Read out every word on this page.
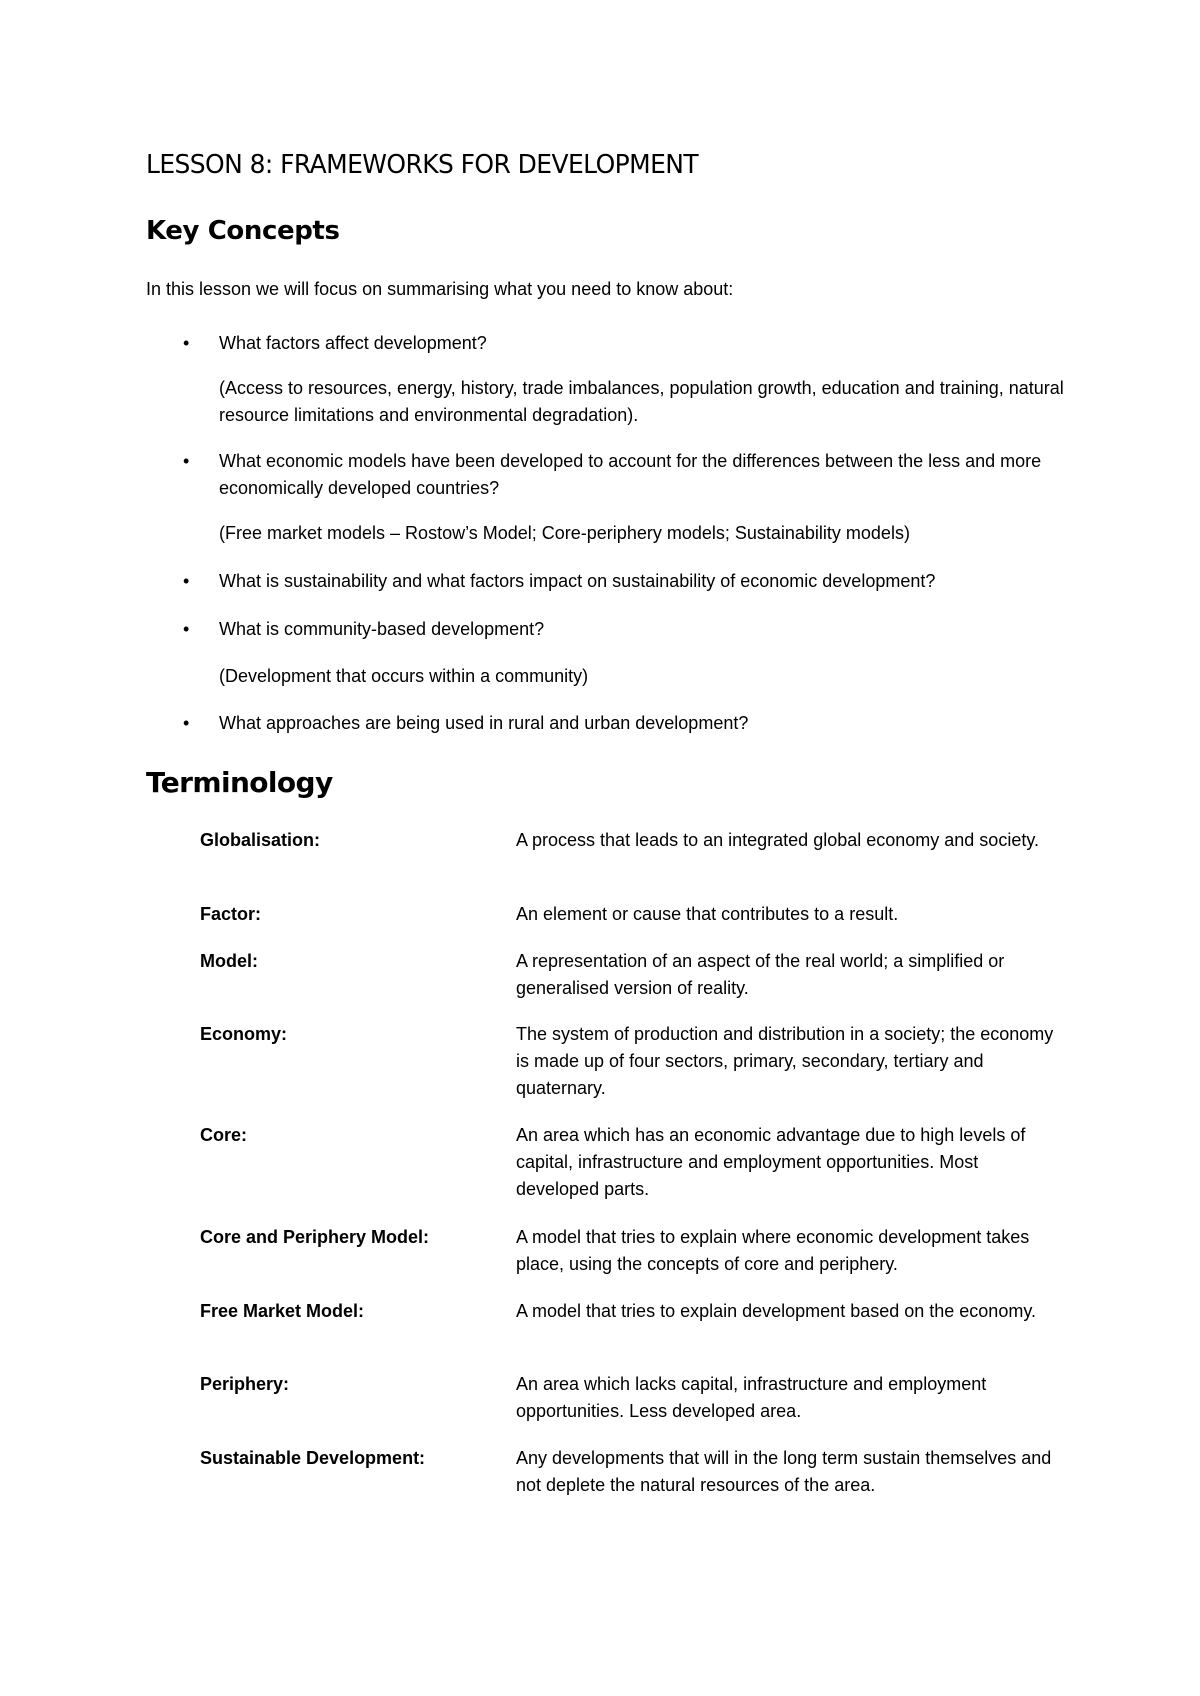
LESSON 8: FRAMEWORKS FOR DEVELOPMENT
Key Concepts

In this lesson we will focus on summarising what you need to know about:

• What factors affect development?

(Access to resources, energy, history, trade imbalances, population growth, education and training, natural resource limitations and environmental degradation).

• What economic models have been developed to account for the differences between the less and more economically developed countries?

(Free market models – Rostow’s Model; Core-periphery models; Sustainability models)

• What is sustainability and what factors impact on sustainability of economic development?

• What is community-based development?

(Development that occurs within a community)

• What approaches are being used in rural and urban development?

Terminology
Globalisation:	A process that leads to an integrated global economy and society.

Factor:	An element or cause that contributes to a result.

Model:	A representation of an aspect of the real world; a simplified or generalised version of reality.

Economy:	The system of production and distribution in a society; the economy is made up of four sectors, primary, secondary, tertiary and quaternary.

Core:	An area which has an economic advantage due to high levels of capital, infrastructure and employment opportunities. Most developed parts.

Core and Periphery Model:	A model that tries to explain where economic development takes place, using the concepts of core and periphery.

Free Market Model:	A model that tries to explain development based on the economy.

Periphery:	An area which lacks capital, infrastructure and employment opportunities. Less developed area.

Sustainable Development:	Any developments that will in the long term sustain themselves and not deplete the natural resources of the area.
